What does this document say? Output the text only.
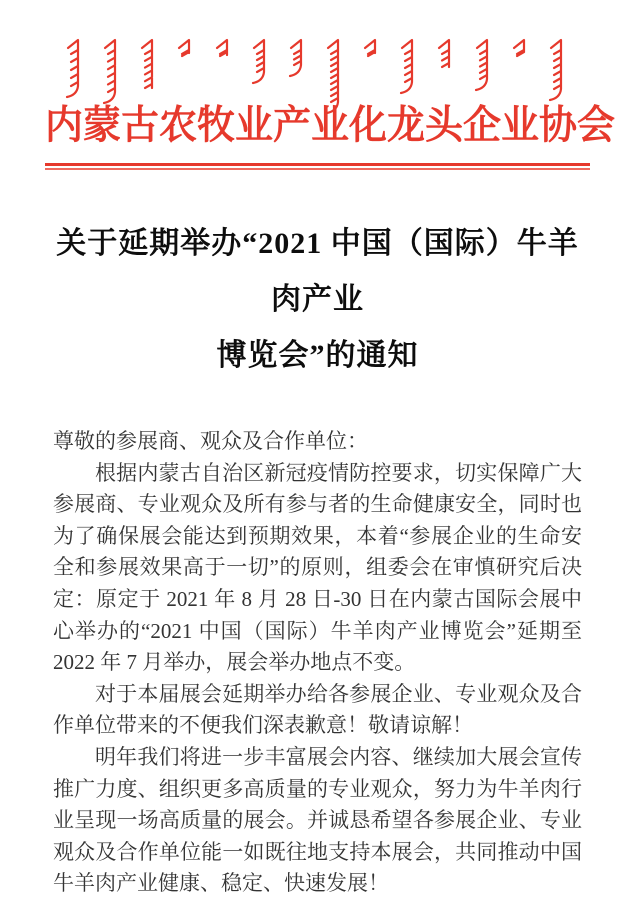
内蒙古农牧业产业化龙头企业协会
关于延期举办“2021 中国（国际）牛羊肉产业
博览会”的通知

尊敬的参展商、观众及合作单位：

根据内蒙古自治区新冠疫情防控要求，切实保障广大参展商、专业观众及所有参与者的生命健康安全，同时也为了确保展会能达到预期效果，本着“参展企业的生命安全和参展效果高于一切”的原则，组委会在审慎研究后决定：原定于 2021 年 8 月 28 日-30 日在内蒙古国际会展中心举办的“2021 中国（国际）牛羊肉产业博览会”延期至 2022 年 7 月举办，展会举办地点不变。

对于本届展会延期举办给各参展企业、专业观众及合作单位带来的不便我们深表歉意！敬请谅解！

明年我们将进一步丰富展会内容、继续加大展会宣传推广力度、组织更多高质量的专业观众，努力为牛羊肉行业呈现一场高质量的展会。并诚恳希望各参展企业、专业观众及合作单位能一如既往地支持本展会，共同推动中国牛羊肉产业健康、稳定、快速发展！
